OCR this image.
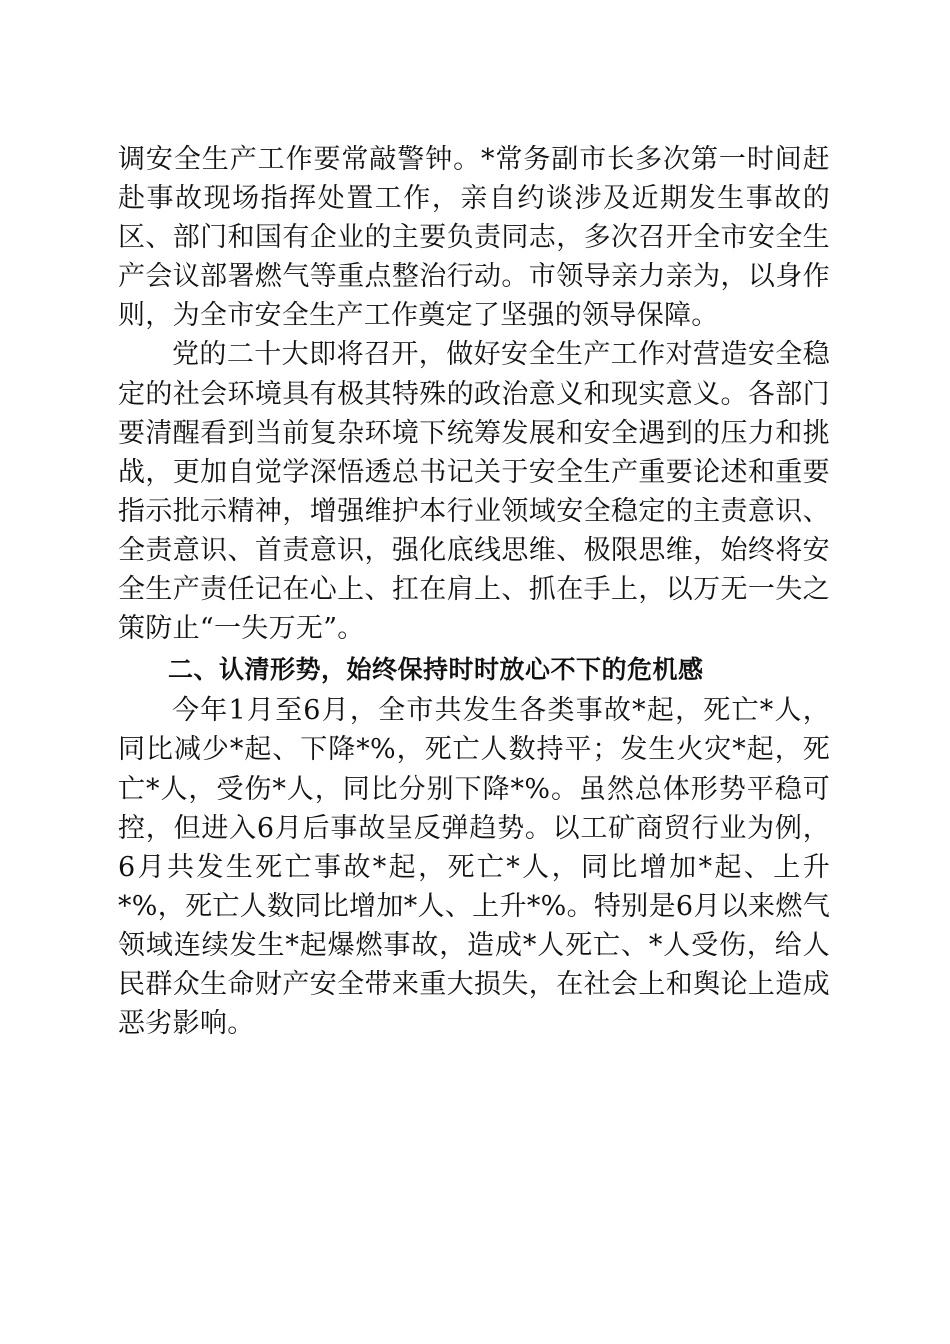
调安全生产工作要常敲警钟。*常务副市长多次第一时间赶赴事故现场指挥处置工作，亲自约谈涉及近期发生事故的区、部门和国有企业的主要负责同志，多次召开全市安全生产会议部署燃气等重点整治行动。市领导亲力亲为，以身作则，为全市安全生产工作奠定了坚强的领导保障。

党的二十大即将召开，做好安全生产工作对营造安全稳定的社会环境具有极其特殊的政治意义和现实意义。各部门要清醒看到当前复杂环境下统筹发展和安全遇到的压力和挑战，更加自觉学深悟透总书记关于安全生产重要论述和重要指示批示精神，增强维护本行业领域安全稳定的主责意识、全责意识、首责意识，强化底线思维、极限思维，始终将安全生产责任记在心上、扛在肩上、抓在手上，以万无一失之策防止“一失万无”。

二、认清形势，始终保持时时放心不下的危机感

今年1月至6月，全市共发生各类事故*起，死亡*人，同比减少*起、下降*%，死亡人数持平；发生火灾*起，死亡*人，受伤*人，同比分别下降*%。虽然总体形势平稳可控，但进入6月后事故呈反弹趋势。以工矿商贸行业为例，6月共发生死亡事故*起，死亡*人，同比增加*起、上升*%，死亡人数同比增加*人、上升*%。特别是6月以来燃气领域连续发生*起爆燃事故，造成*人死亡、*人受伤，给人民群众生命财产安全带来重大损失，在社会上和舆论上造成恶劣影响。
